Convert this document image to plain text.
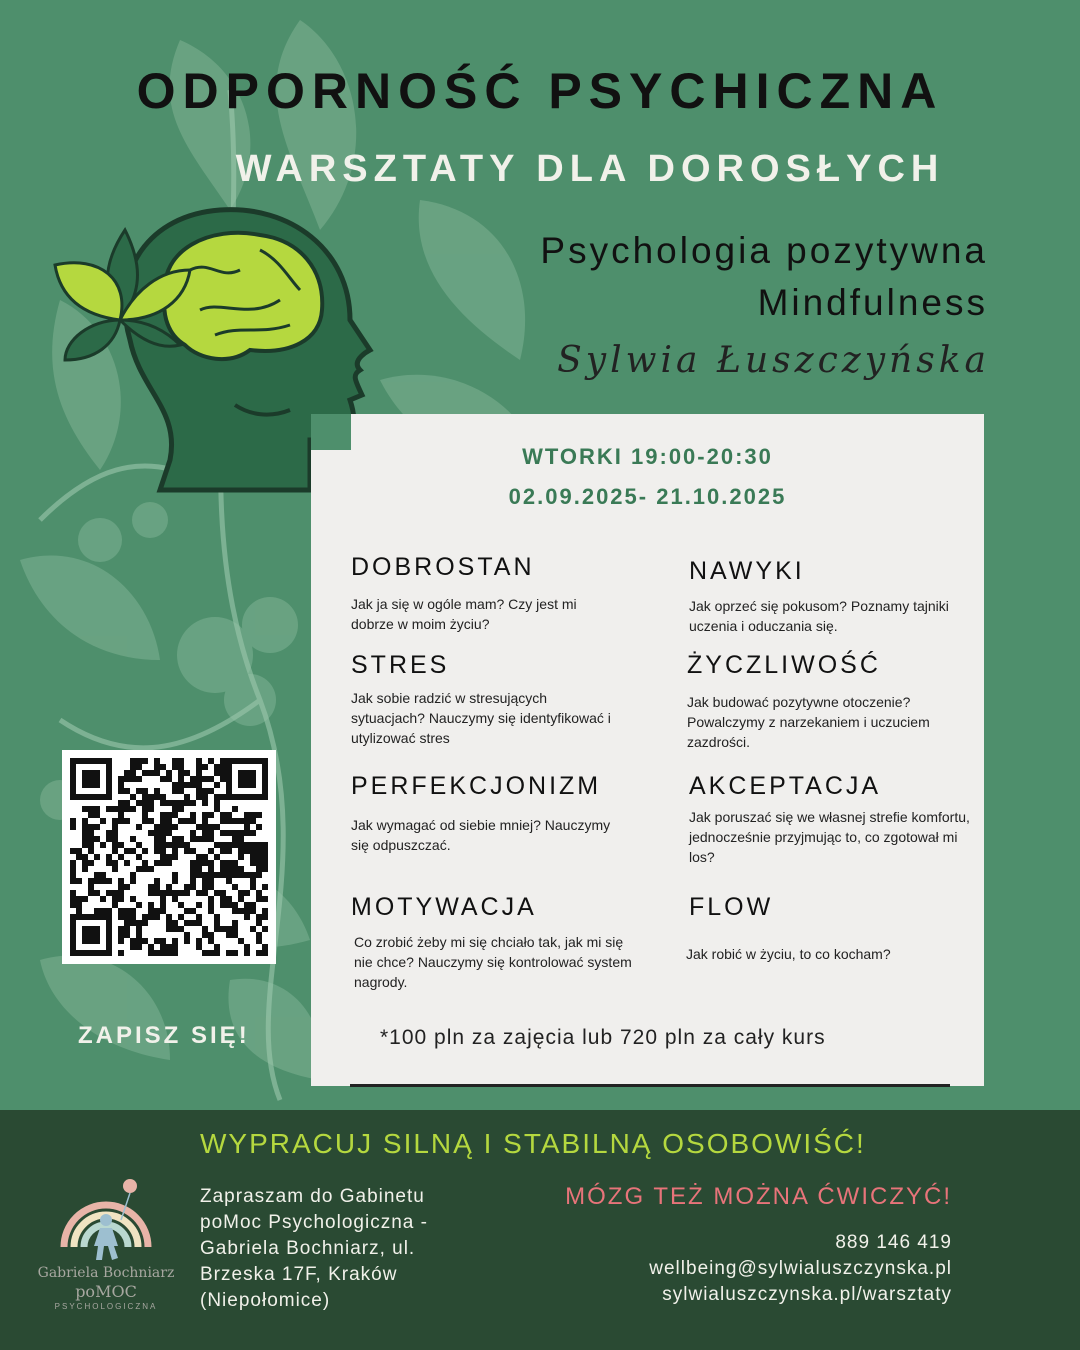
ODPORNOŚĆ PSYCHICZNA
WARSZTATY DLA DOROSŁYCH
Psychologia pozytywna
Mindfulness
Sylwia Łuszczyńska
ZAPISZ SIĘ!
WTORKI 19:00-20:30
02.09.2025- 21.10.2025
DOBROSTAN

Jak ja się w ogóle mam? Czy jest mi dobrze w moim życiu?

NAWYKI

Jak oprzeć się pokusom? Poznamy tajniki uczenia i oduczania się.

STRES

Jak sobie radzić w stresujących sytuacjach? Nauczymy się identyfikować i utylizować stres

ŻYCZLIWOŚĆ

Jak budować pozytywne otoczenie? Powalczymy z narzekaniem i uczuciem zazdrości.

PERFEKCJONIZM

Jak wymagać od siebie mniej? Nauczymy się odpuszczać.

AKCEPTACJA

Jak poruszać się we własnej strefie komfortu, jednocześnie przyjmując to, co zgotował mi los?

MOTYWACJA

Co zrobić żeby mi się chciało tak, jak mi się nie chce? Nauczymy się kontrolować system nagrody.

FLOW

Jak robić w życiu, to co kocham?

*100 pln za zajęcia lub 720 pln za cały kurs
WYPRACUJ SILNĄ I STABILNĄ OSOBOWIŚĆ!
MÓZG TEŻ MOŻNA ĆWICZYĆ!
Zapraszam do Gabinetu poMoc Psychologiczna - Gabriela Bochniarz, ul. Brzeska 17F, Kraków (Niepołomice)
889 146 419
wellbeing@sylwialuszczynska.pl
sylwialuszczynska.pl/warsztaty
Gabriela Bochniarz
poMOC
PSYCHOLOGICZNA
